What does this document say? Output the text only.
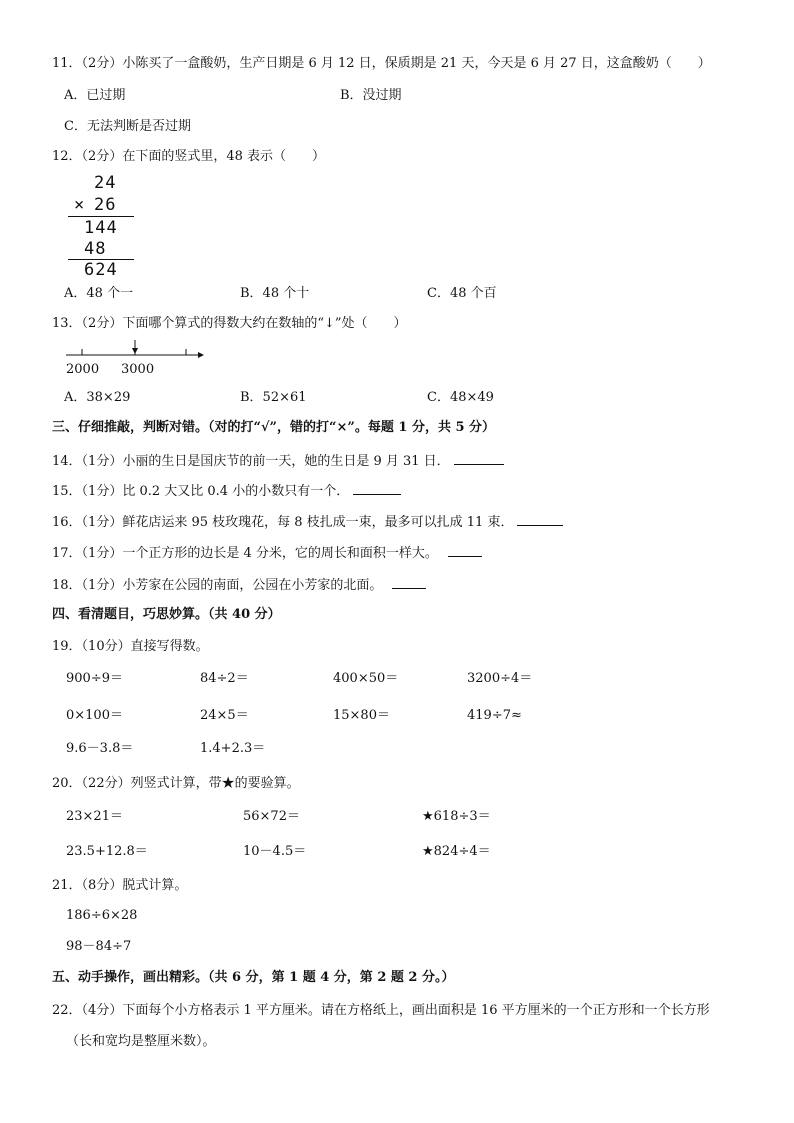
11．（2分）小陈买了一盒酸奶，生产日期是 6 月 12 日，保质期是 21 天，今天是 6 月 27 日，这盒酸奶（　　）
A．已过期	B．没过期
C．无法判断是否过期
12．（2分）在下面的竖式里，48 表示（　　）
24
× 26
144
48
624
A．48 个一	B．48 个十	C．48 个百
13．（2分）下面哪个算式的得数大约在数轴的“↓”处（　　）
2000 3000
A．38×29	B．52×61	C．48×49
三、仔细推敲，判断对错。（对的打“√”，错的打“×”。每题 1 分，共 5 分）
14．（1分）小丽的生日是国庆节的前一天，她的生日是 9 月 31 日．
15．（1分）比 0.2 大又比 0.4 小的小数只有一个．
16．（1分）鲜花店运来 95 枝玫瑰花，每 8 枝扎成一束，最多可以扎成 11 束．
17．（1分）一个正方形的边长是 4 分米，它的周长和面积一样大。
18．（1分）小芳家在公园的南面，公园在小芳家的北面。
四、看清题目，巧思妙算。（共 40 分）
19．（10分）直接写得数。
900÷9＝	84÷2＝	400×50＝	3200÷4＝
0×100＝	24×5＝	15×80＝	419÷7≈
9.6－3.8＝	1.4+2.3＝
20．（22分）列竖式计算，带★的要验算。
23×21＝	56×72＝	★618÷3＝
23.5+12.8＝	10－4.5＝	★824÷4＝
21．（8分）脱式计算。
186÷6×28
98－84÷7
五、动手操作，画出精彩。（共 6 分，第 1 题 4 分，第 2 题 2 分。）
22．（4分）下面每个小方格表示 1 平方厘米。请在方格纸上，画出面积是 16 平方厘米的一个正方形和一个长方形
（长和宽均是整厘米数）。
